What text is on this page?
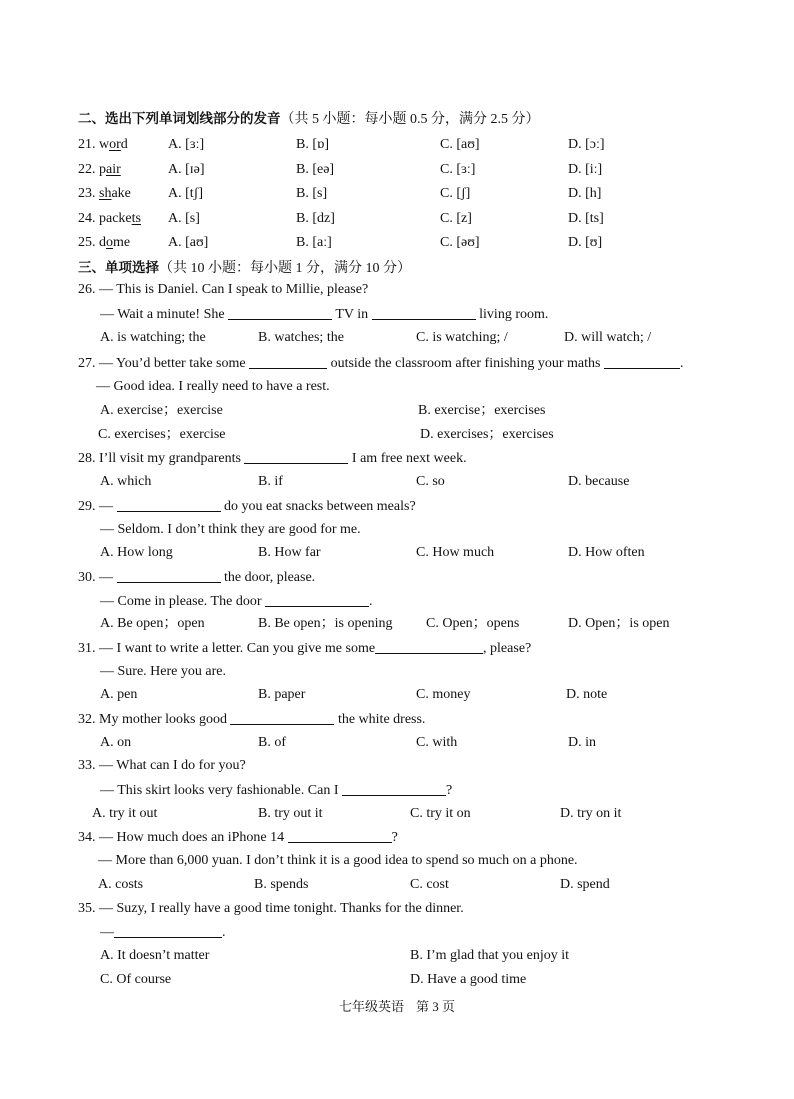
二、选出下列单词划线部分的发音（共 5 小题：每小题 0.5 分，满分 2.5 分）
21. word	A. [ɜː]	B. [ɒ]	C. [aʊ]	D. [ɔː]
22. pair	A. [ɪə]	B. [eə]	C. [ɜː]	D. [iː]
23. shake	A. [tʃ]	B. [s]	C. [ʃ]	D. [h]
24. packets A. [s]	B. [dz]	C. [z]	D. [ts]
25. dome	A. [aʊ]	B. [aː]	C. [əʊ]	D. [ʊ]
三、单项选择（共 10 小题：每小题 1 分，满分 10 分）
26. — This is Daniel. Can I speak to Millie, please?
— Wait a minute! She	TV in	living room.
A. is watching; the	B. watches; the	C. is watching; /	D. will watch; /
27. — You’d better take some	outside the classroom after finishing your maths	.
— Good idea. I really need to have a rest.
A. exercise；exercise	B. exercise；exercises
C. exercises；exercise	D. exercises；exercises
28. I’ll visit my grandparents	I am free next week.
A. which	B. if	C. so	D. because
29. —	do you eat snacks between meals?
— Seldom. I don’t think they are good for me.
A. How long	B. How far	C. How much	D. How often
30. —	the door, please.
— Come in please. The door	.
A. Be open；open	B. Be open；is opening C. Open；opens	D. Open；is open
31. — I want to write a letter. Can you give me some	, please?
— Sure. Here you are.
A. pen	B. paper	C. money	D. note
32. My mother looks good	the white dress.
A. on	B. of	C. with	D. in
33. — What can I do for you?
— This skirt looks very fashionable. Can I	?
A. try it out	B. try out it	C. try it on	D. try on it
34. — How much does an iPhone 14	?
— More than 6,000 yuan. I don’t think it is a good idea to spend so much on a phone.
A. costs	B. spends	C. cost	D. spend
35. — Suzy, I really have a good time tonight. Thanks for the dinner.
—	.
A. It doesn’t matter	B. I’m glad that you enjoy it
C. Of course	D. Have a good time
七年级英语 第 3 页
